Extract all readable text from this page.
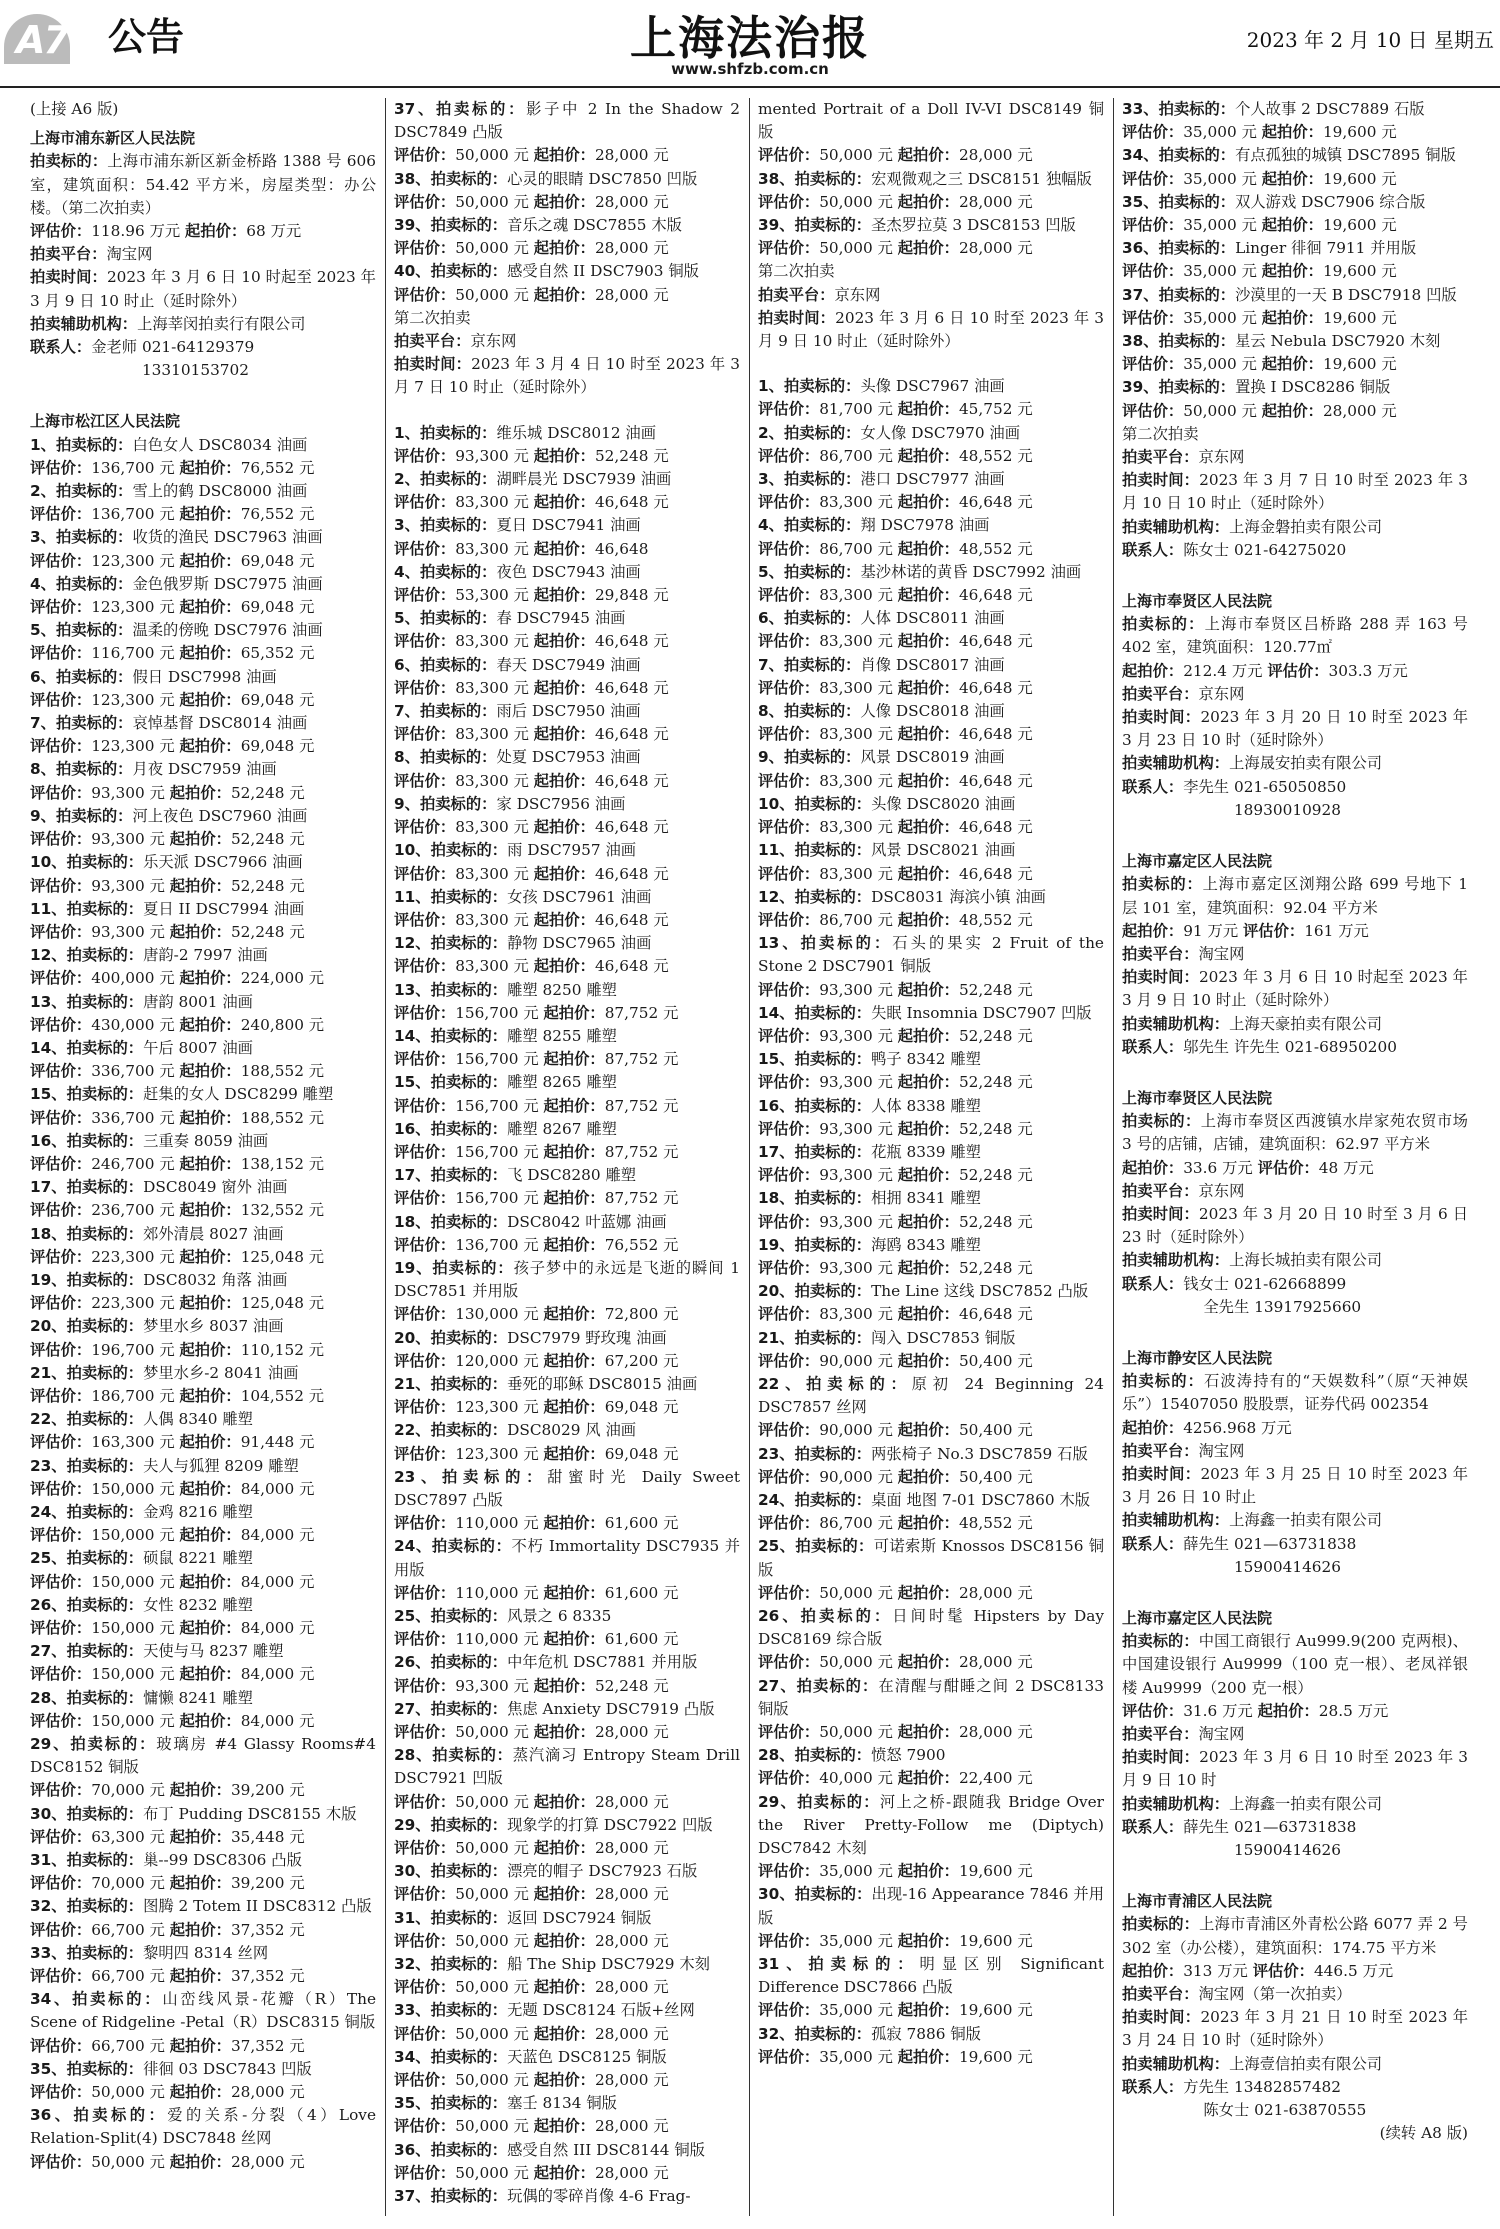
A7 公告	上海法治报
www.shfzb.com.cn
2023 年 2 月 10 日 星期五
(上接 A6 版)
上海市浦东新区人民法院
拍卖标的：上海市浦东新区新金桥路 1388 号 606 室，建筑面积：54.42 平方米，房屋类型：办公楼。（第二次拍卖）
评估价：118.96 万元 起拍价：68 万元
拍卖平台：淘宝网
拍卖时间：2023 年 3 月 6 日 10 时起至 2023 年 3 月 9 日 10 时止（延时除外）
拍卖辅助机构：上海莘闵拍卖行有限公司
联系人：金老师 021-64129379
　　　　　　　 13310153702
上海市松江区人民法院
1、拍卖标的：白色女人 DSC8034 油画
评估价：136,700 元 起拍价：76,552 元
2、拍卖标的：雪上的鹤 DSC8000 油画
评估价：136,700 元 起拍价：76,552 元
3、拍卖标的：收货的渔民 DSC7963 油画
评估价：123,300 元 起拍价：69,048 元
4、拍卖标的：金色俄罗斯 DSC7975 油画
评估价：123,300 元 起拍价：69,048 元
5、拍卖标的：温柔的傍晚 DSC7976 油画
评估价：116,700 元 起拍价：65,352 元
6、拍卖标的：假日 DSC7998 油画
评估价：123,300 元 起拍价：69,048 元
7、拍卖标的：哀悼基督 DSC8014 油画
评估价：123,300 元 起拍价：69,048 元
8、拍卖标的：月夜 DSC7959 油画
评估价：93,300 元 起拍价：52,248 元
9、拍卖标的：河上夜色 DSC7960 油画
评估价：93,300 元 起拍价：52,248 元
10、拍卖标的：乐天派 DSC7966 油画
评估价：93,300 元 起拍价：52,248 元
11、拍卖标的：夏日 II DSC7994 油画
评估价：93,300 元 起拍价：52,248 元
12、拍卖标的：唐韵-2 7997 油画
评估价：400,000 元 起拍价：224,000 元
13、拍卖标的：唐韵 8001 油画
评估价：430,000 元 起拍价：240,800 元
14、拍卖标的：午后 8007 油画
评估价：336,700 元 起拍价：188,552 元
15、拍卖标的：赶集的女人 DSC8299 雕塑
评估价：336,700 元 起拍价：188,552 元
16、拍卖标的：三重奏 8059 油画
评估价：246,700 元 起拍价：138,152 元
17、拍卖标的：DSC8049 窗外 油画
评估价：236,700 元 起拍价：132,552 元
18、拍卖标的：郊外清晨 8027 油画
评估价：223,300 元 起拍价：125,048 元
19、拍卖标的：DSC8032 角落 油画
评估价：223,300 元 起拍价：125,048 元
20、拍卖标的：梦里水乡 8037 油画
评估价：196,700 元 起拍价：110,152 元
21、拍卖标的：梦里水乡-2 8041 油画
评估价：186,700 元 起拍价：104,552 元
22、拍卖标的：人偶 8340 雕塑
评估价：163,300 元 起拍价：91,448 元
23、拍卖标的：夫人与狐狸 8209 雕塑
评估价：150,000 元 起拍价：84,000 元
24、拍卖标的：金鸡 8216 雕塑
评估价：150,000 元 起拍价：84,000 元
25、拍卖标的：硕鼠 8221 雕塑
评估价：150,000 元 起拍价：84,000 元
26、拍卖标的：女性 8232 雕塑
评估价：150,000 元 起拍价：84,000 元
27、拍卖标的：天使与马 8237 雕塑
评估价：150,000 元 起拍价：84,000 元
28、拍卖标的：慵懒 8241 雕塑
评估价：150,000 元 起拍价：84,000 元
29、拍卖标的：玻璃房 #4 Glassy Rooms#4 DSC8152 铜版
评估价：70,000 元 起拍价：39,200 元
30、拍卖标的：布丁 Pudding DSC8155 木版
评估价：63,300 元 起拍价：35,448 元
31、拍卖标的：巢--99 DSC8306 凸版
评估价：70,000 元 起拍价：39,200 元
32、拍卖标的：图腾 2 Totem II DSC8312 凸版
评估价：66,700 元 起拍价：37,352 元
33、拍卖标的：黎明四 8314 丝网
评估价：66,700 元 起拍价：37,352 元
34、拍卖标的：山峦线风景-花瓣（R）The Scene of Ridgeline -Petal（R）DSC8315 铜版
评估价：66,700 元 起拍价：37,352 元
35、拍卖标的：徘徊 03 DSC7843 凹版
评估价：50,000 元 起拍价：28,000 元
36、拍卖标的：爱的关系-分裂（4）Love Relation-Split(4) DSC7848 丝网
评估价：50,000 元 起拍价：28,000 元
37、拍卖标的：影子中 2 In the Shadow 2 DSC7849 凸版
评估价：50,000 元 起拍价：28,000 元
38、拍卖标的：心灵的眼睛 DSC7850 凹版
评估价：50,000 元 起拍价：28,000 元
39、拍卖标的：音乐之魂 DSC7855 木版
评估价：50,000 元 起拍价：28,000 元
40、拍卖标的：感受自然 II DSC7903 铜版
评估价：50,000 元 起拍价：28,000 元
第二次拍卖
拍卖平台：京东网
拍卖时间：2023 年 3 月 4 日 10 时至 2023 年 3 月 7 日 10 时止（延时除外）
1、拍卖标的：维乐城 DSC8012 油画
评估价：93,300 元 起拍价：52,248 元
2、拍卖标的：湖畔晨光 DSC7939 油画
评估价：83,300 元 起拍价：46,648 元
3、拍卖标的：夏日 DSC7941 油画
评估价：83,300 元 起拍价：46,648
4、拍卖标的：夜色 DSC7943 油画
评估价：53,300 元 起拍价：29,848 元
5、拍卖标的：春 DSC7945 油画
评估价：83,300 元 起拍价：46,648 元
6、拍卖标的：春天 DSC7949 油画
评估价：83,300 元 起拍价：46,648 元
7、拍卖标的：雨后 DSC7950 油画
评估价：83,300 元 起拍价：46,648 元
8、拍卖标的：处夏 DSC7953 油画
评估价：83,300 元 起拍价：46,648 元
9、拍卖标的：家 DSC7956 油画
评估价：83,300 元 起拍价：46,648 元
10、拍卖标的：雨 DSC7957 油画
评估价：83,300 元 起拍价：46,648 元
11、拍卖标的：女孩 DSC7961 油画
评估价：83,300 元 起拍价：46,648 元
12、拍卖标的：静物 DSC7965 油画
评估价：83,300 元 起拍价：46,648 元
13、拍卖标的：雕塑 8250 雕塑
评估价：156,700 元 起拍价：87,752 元
14、拍卖标的：雕塑 8255 雕塑
评估价：156,700 元 起拍价：87,752 元
15、拍卖标的：雕塑 8265 雕塑
评估价：156,700 元 起拍价：87,752 元
16、拍卖标的：雕塑 8267 雕塑
评估价：156,700 元 起拍价：87,752 元
17、拍卖标的：飞 DSC8280 雕塑
评估价：156,700 元 起拍价：87,752 元
18、拍卖标的：DSC8042 叶蓝娜 油画
评估价：136,700 元 起拍价：76,552 元
19、拍卖标的：孩子梦中的永远是飞逝的瞬间 1 DSC7851 并用版
评估价：130,000 元 起拍价：72,800 元
20、拍卖标的：DSC7979 野玫瑰 油画
评估价：120,000 元 起拍价：67,200 元
21、拍卖标的：垂死的耶稣 DSC8015 油画
评估价：123,300 元 起拍价：69,048 元
22、拍卖标的：DSC8029 风 油画
评估价：123,300 元 起拍价：69,048 元
23、拍卖标的：甜蜜时光 Daily Sweet DSC7897 凸版
评估价：110,000 元 起拍价：61,600 元
24、拍卖标的：不朽 Immortality DSC7935 并用版
评估价：110,000 元 起拍价：61,600 元
25、拍卖标的：风景之 6 8335
评估价：110,000 元 起拍价：61,600 元
26、拍卖标的：中年危机 DSC7881 并用版
评估价：93,300 元 起拍价：52,248 元
27、拍卖标的：焦虑 Anxiety DSC7919 凸版
评估价：50,000 元 起拍价：28,000 元
28、拍卖标的：蒸汽滴习 Entropy Steam Drill DSC7921 凹版
评估价：50,000 元 起拍价：28,000 元
29、拍卖标的：现象学的打算 DSC7922 凹版
评估价：50,000 元 起拍价：28,000 元
30、拍卖标的：漂亮的帽子 DSC7923 石版
评估价：50,000 元 起拍价：28,000 元
31、拍卖标的：返回 DSC7924 铜版
评估价：50,000 元 起拍价：28,000 元
32、拍卖标的：船 The Ship DSC7929 木刻
评估价：50,000 元 起拍价：28,000 元
33、拍卖标的：无题 DSC8124 石版+丝网
评估价：50,000 元 起拍价：28,000 元
34、拍卖标的：天蓝色 DSC8125 铜版
评估价：50,000 元 起拍价：28,000 元
35、拍卖标的：塞壬 8134 铜版
评估价：50,000 元 起拍价：28,000 元
36、拍卖标的：感受自然 III DSC8144 铜版
评估价：50,000 元 起拍价：28,000 元
37、拍卖标的：玩偶的零碎肖像 4-6 Frag-
mented Portrait of a Doll IV-VI DSC8149 铜版
评估价：50,000 元 起拍价：28,000 元
38、拍卖标的：宏观微观之三 DSC8151 独幅版
评估价：50,000 元 起拍价：28,000 元
39、拍卖标的：圣杰罗拉莫 3 DSC8153 凹版
评估价：50,000 元 起拍价：28,000 元
第二次拍卖
拍卖平台：京东网
拍卖时间：2023 年 3 月 6 日 10 时至 2023 年 3 月 9 日 10 时止（延时除外）
1、拍卖标的：头像 DSC7967 油画
评估价：81,700 元 起拍价：45,752 元
2、拍卖标的：女人像 DSC7970 油画
评估价：86,700 元 起拍价：48,552 元
3、拍卖标的：港口 DSC7977 油画
评估价：83,300 元 起拍价：46,648 元
4、拍卖标的：翔 DSC7978 油画
评估价：86,700 元 起拍价：48,552 元
5、拍卖标的：基沙林诺的黄昏 DSC7992 油画
评估价：83,300 元 起拍价：46,648 元
6、拍卖标的：人体 DSC8011 油画
评估价：83,300 元 起拍价：46,648 元
7、拍卖标的：肖像 DSC8017 油画
评估价：83,300 元 起拍价：46,648 元
8、拍卖标的：人像 DSC8018 油画
评估价：83,300 元 起拍价：46,648 元
9、拍卖标的：风景 DSC8019 油画
评估价：83,300 元 起拍价：46,648 元
10、拍卖标的：头像 DSC8020 油画
评估价：83,300 元 起拍价：46,648 元
11、拍卖标的：风景 DSC8021 油画
评估价：83,300 元 起拍价：46,648 元
12、拍卖标的：DSC8031 海滨小镇 油画
评估价：86,700 元 起拍价：48,552 元
13、拍卖标的：石头的果实 2 Fruit of the Stone 2 DSC7901 铜版
评估价：93,300 元 起拍价：52,248 元
14、拍卖标的：失眠 Insomnia DSC7907 凹版
评估价：93,300 元 起拍价：52,248 元
15、拍卖标的：鸭子 8342 雕塑
评估价：93,300 元 起拍价：52,248 元
16、拍卖标的：人体 8338 雕塑
评估价：93,300 元 起拍价：52,248 元
17、拍卖标的：花瓶 8339 雕塑
评估价：93,300 元 起拍价：52,248 元
18、拍卖标的：相拥 8341 雕塑
评估价：93,300 元 起拍价：52,248 元
19、拍卖标的：海鸥 8343 雕塑
评估价：93,300 元 起拍价：52,248 元
20、拍卖标的：The Line 这线 DSC7852 凸版
评估价：83,300 元 起拍价：46,648 元
21、拍卖标的：闯入 DSC7853 铜版
评估价：90,000 元 起拍价：50,400 元
22、拍卖标的：原初 24 Beginning 24 DSC7857 丝网
评估价：90,000 元 起拍价：50,400 元
23、拍卖标的：两张椅子 No.3 DSC7859 石版
评估价：90,000 元 起拍价：50,400 元
24、拍卖标的：桌面 地图 7-01 DSC7860 木版
评估价：86,700 元 起拍价：48,552 元
25、拍卖标的：可诺索斯 Knossos DSC8156 铜版
评估价：50,000 元 起拍价：28,000 元
26、拍卖标的：日间时髦 Hipsters by Day DSC8169 综合版
评估价：50,000 元 起拍价：28,000 元
27、拍卖标的：在清醒与酣睡之间 2 DSC8133 铜版
评估价：50,000 元 起拍价：28,000 元
28、拍卖标的：愤怒 7900
评估价：40,000 元 起拍价：22,400 元
29、拍卖标的：河上之桥-跟随我 Bridge Over the River Pretty-Follow me (Diptych) DSC7842 木刻
评估价：35,000 元 起拍价：19,600 元
30、拍卖标的：出现-16 Appearance 7846 并用版
评估价：35,000 元 起拍价：19,600 元
31、拍卖标的：明显区别 Significant Difference DSC7866 凸版
评估价：35,000 元 起拍价：19,600 元
32、拍卖标的：孤寂 7886 铜版
评估价：35,000 元 起拍价：19,600 元
33、拍卖标的：个人故事 2 DSC7889 石版
评估价：35,000 元 起拍价：19,600 元
34、拍卖标的：有点孤独的城镇 DSC7895 铜版
评估价：35,000 元 起拍价：19,600 元
35、拍卖标的：双人游戏 DSC7906 综合版
评估价：35,000 元 起拍价：19,600 元
36、拍卖标的：Linger 徘徊 7911 并用版
评估价：35,000 元 起拍价：19,600 元
37、拍卖标的：沙漠里的一天 B DSC7918 凹版
评估价：35,000 元 起拍价：19,600 元
38、拍卖标的：星云 Nebula DSC7920 木刻
评估价：35,000 元 起拍价：19,600 元
39、拍卖标的：置换 I DSC8286 铜版
评估价：50,000 元 起拍价：28,000 元
第二次拍卖
拍卖平台：京东网
拍卖时间：2023 年 3 月 7 日 10 时至 2023 年 3 月 10 日 10 时止（延时除外）
拍卖辅助机构：上海金磐拍卖有限公司
联系人：陈女士 021-64275020
上海市奉贤区人民法院
拍卖标的：上海市奉贤区吕桥路 288 弄 163 号 402 室，建筑面积：120.77㎡
起拍价：212.4 万元 评估价：303.3 万元
拍卖平台：京东网
拍卖时间：2023 年 3 月 20 日 10 时至 2023 年 3 月 23 日 10 时（延时除外）
拍卖辅助机构：上海晟安拍卖有限公司
联系人：李先生 021-65050850
　　　　　　　 18930010928
上海市嘉定区人民法院
拍卖标的：上海市嘉定区浏翔公路 699 号地下 1 层 101 室，建筑面积：92.04 平方米
起拍价：91 万元 评估价：161 万元
拍卖平台：淘宝网
拍卖时间：2023 年 3 月 6 日 10 时起至 2023 年 3 月 9 日 10 时止（延时除外）
拍卖辅助机构：上海天豪拍卖有限公司
联系人：邬先生 许先生 021-68950200
上海市奉贤区人民法院
拍卖标的：上海市奉贤区西渡镇水岸家苑农贸市场 3 号的店铺，店铺，建筑面积：62.97 平方米
起拍价：33.6 万元 评估价：48 万元
拍卖平台：京东网
拍卖时间：2023 年 3 月 20 日 10 时至 3 月 6 日 23 时（延时除外）
拍卖辅助机构：上海长城拍卖有限公司
联系人：钱女士 021-62668899
　　　　　 全先生 13917925660
上海市静安区人民法院
拍卖标的：石波涛持有的“天娱数科”（原“天神娱乐”）15407050 股股票，证券代码 002354
起拍价：4256.968 万元
拍卖平台：淘宝网
拍卖时间：2023 年 3 月 25 日 10 时至 2023 年 3 月 26 日 10 时止
拍卖辅助机构：上海鑫一拍卖有限公司
联系人：薛先生 021—63731838
　　　　　　　 15900414626
上海市嘉定区人民法院
拍卖标的：中国工商银行 Au999.9(200 克两根)、中国建设银行 Au9999（100 克一根）、老凤祥银楼 Au9999（200 克一根）
评估价：31.6 万元 起拍价：28.5 万元
拍卖平台：淘宝网
拍卖时间：2023 年 3 月 6 日 10 时至 2023 年 3 月 9 日 10 时
拍卖辅助机构：上海鑫一拍卖有限公司
联系人：薛先生 021—63731838
　　　　　　　 15900414626
上海市青浦区人民法院
拍卖标的：上海市青浦区外青松公路 6077 弄 2 号 302 室（办公楼），建筑面积：174.75 平方米
起拍价：313 万元 评估价：446.5 万元
拍卖平台：淘宝网（第一次拍卖）
拍卖时间：2023 年 3 月 21 日 10 时至 2023 年 3 月 24 日 10 时（延时除外）
拍卖辅助机构：上海壹信拍卖有限公司
联系人：方先生 13482857482
　　　　　 陈女士 021-63870555
(续转 A8 版)
